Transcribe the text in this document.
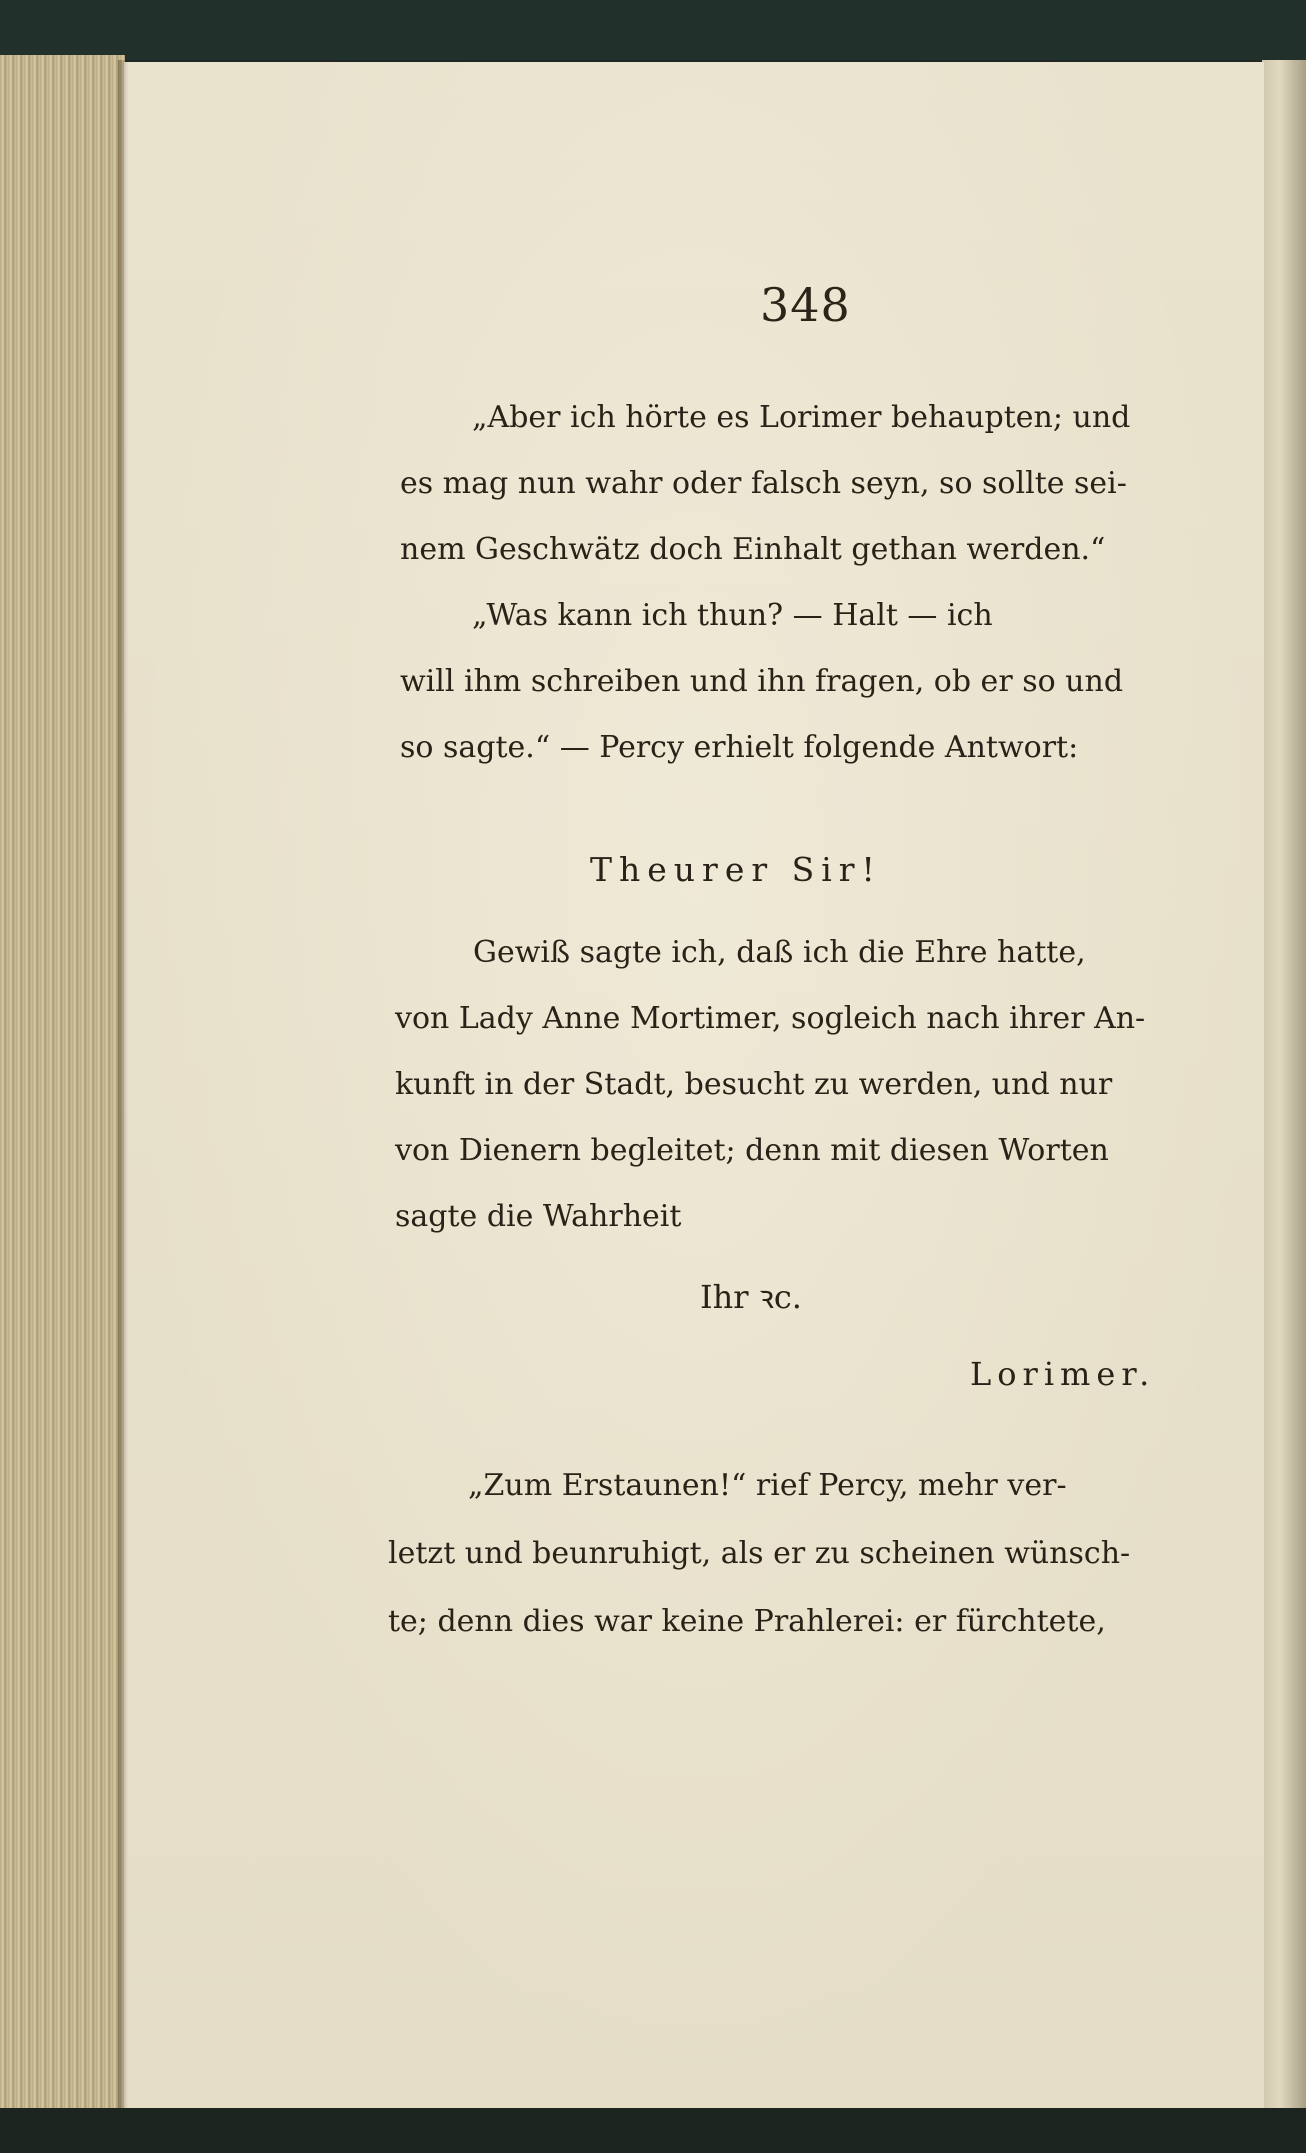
348
„Aber ich hörte es Lorimer behaupten; und
es mag nun wahr oder falsch seyn, so sollte sei-
nem Geschwätz doch Einhalt gethan werden.“
„Was kann ich thun? — Halt — ich
will ihm schreiben und ihn fragen, ob er so und
so sagte.“ — Percy erhielt folgende Antwort:
Theurer Sir!
Gewiß sagte ich, daß ich die Ehre hatte,
von Lady Anne Mortimer, sogleich nach ihrer An-
kunft in der Stadt, besucht zu werden, und nur
von Dienern begleitet; denn mit diesen Worten
sagte die Wahrheit
Ihr ꝛc.
Lorimer.
„Zum Erstaunen!“ rief Percy, mehr ver-
letzt und beunruhigt, als er zu scheinen wünsch-
te; denn dies war keine Prahlerei: er fürchtete,
